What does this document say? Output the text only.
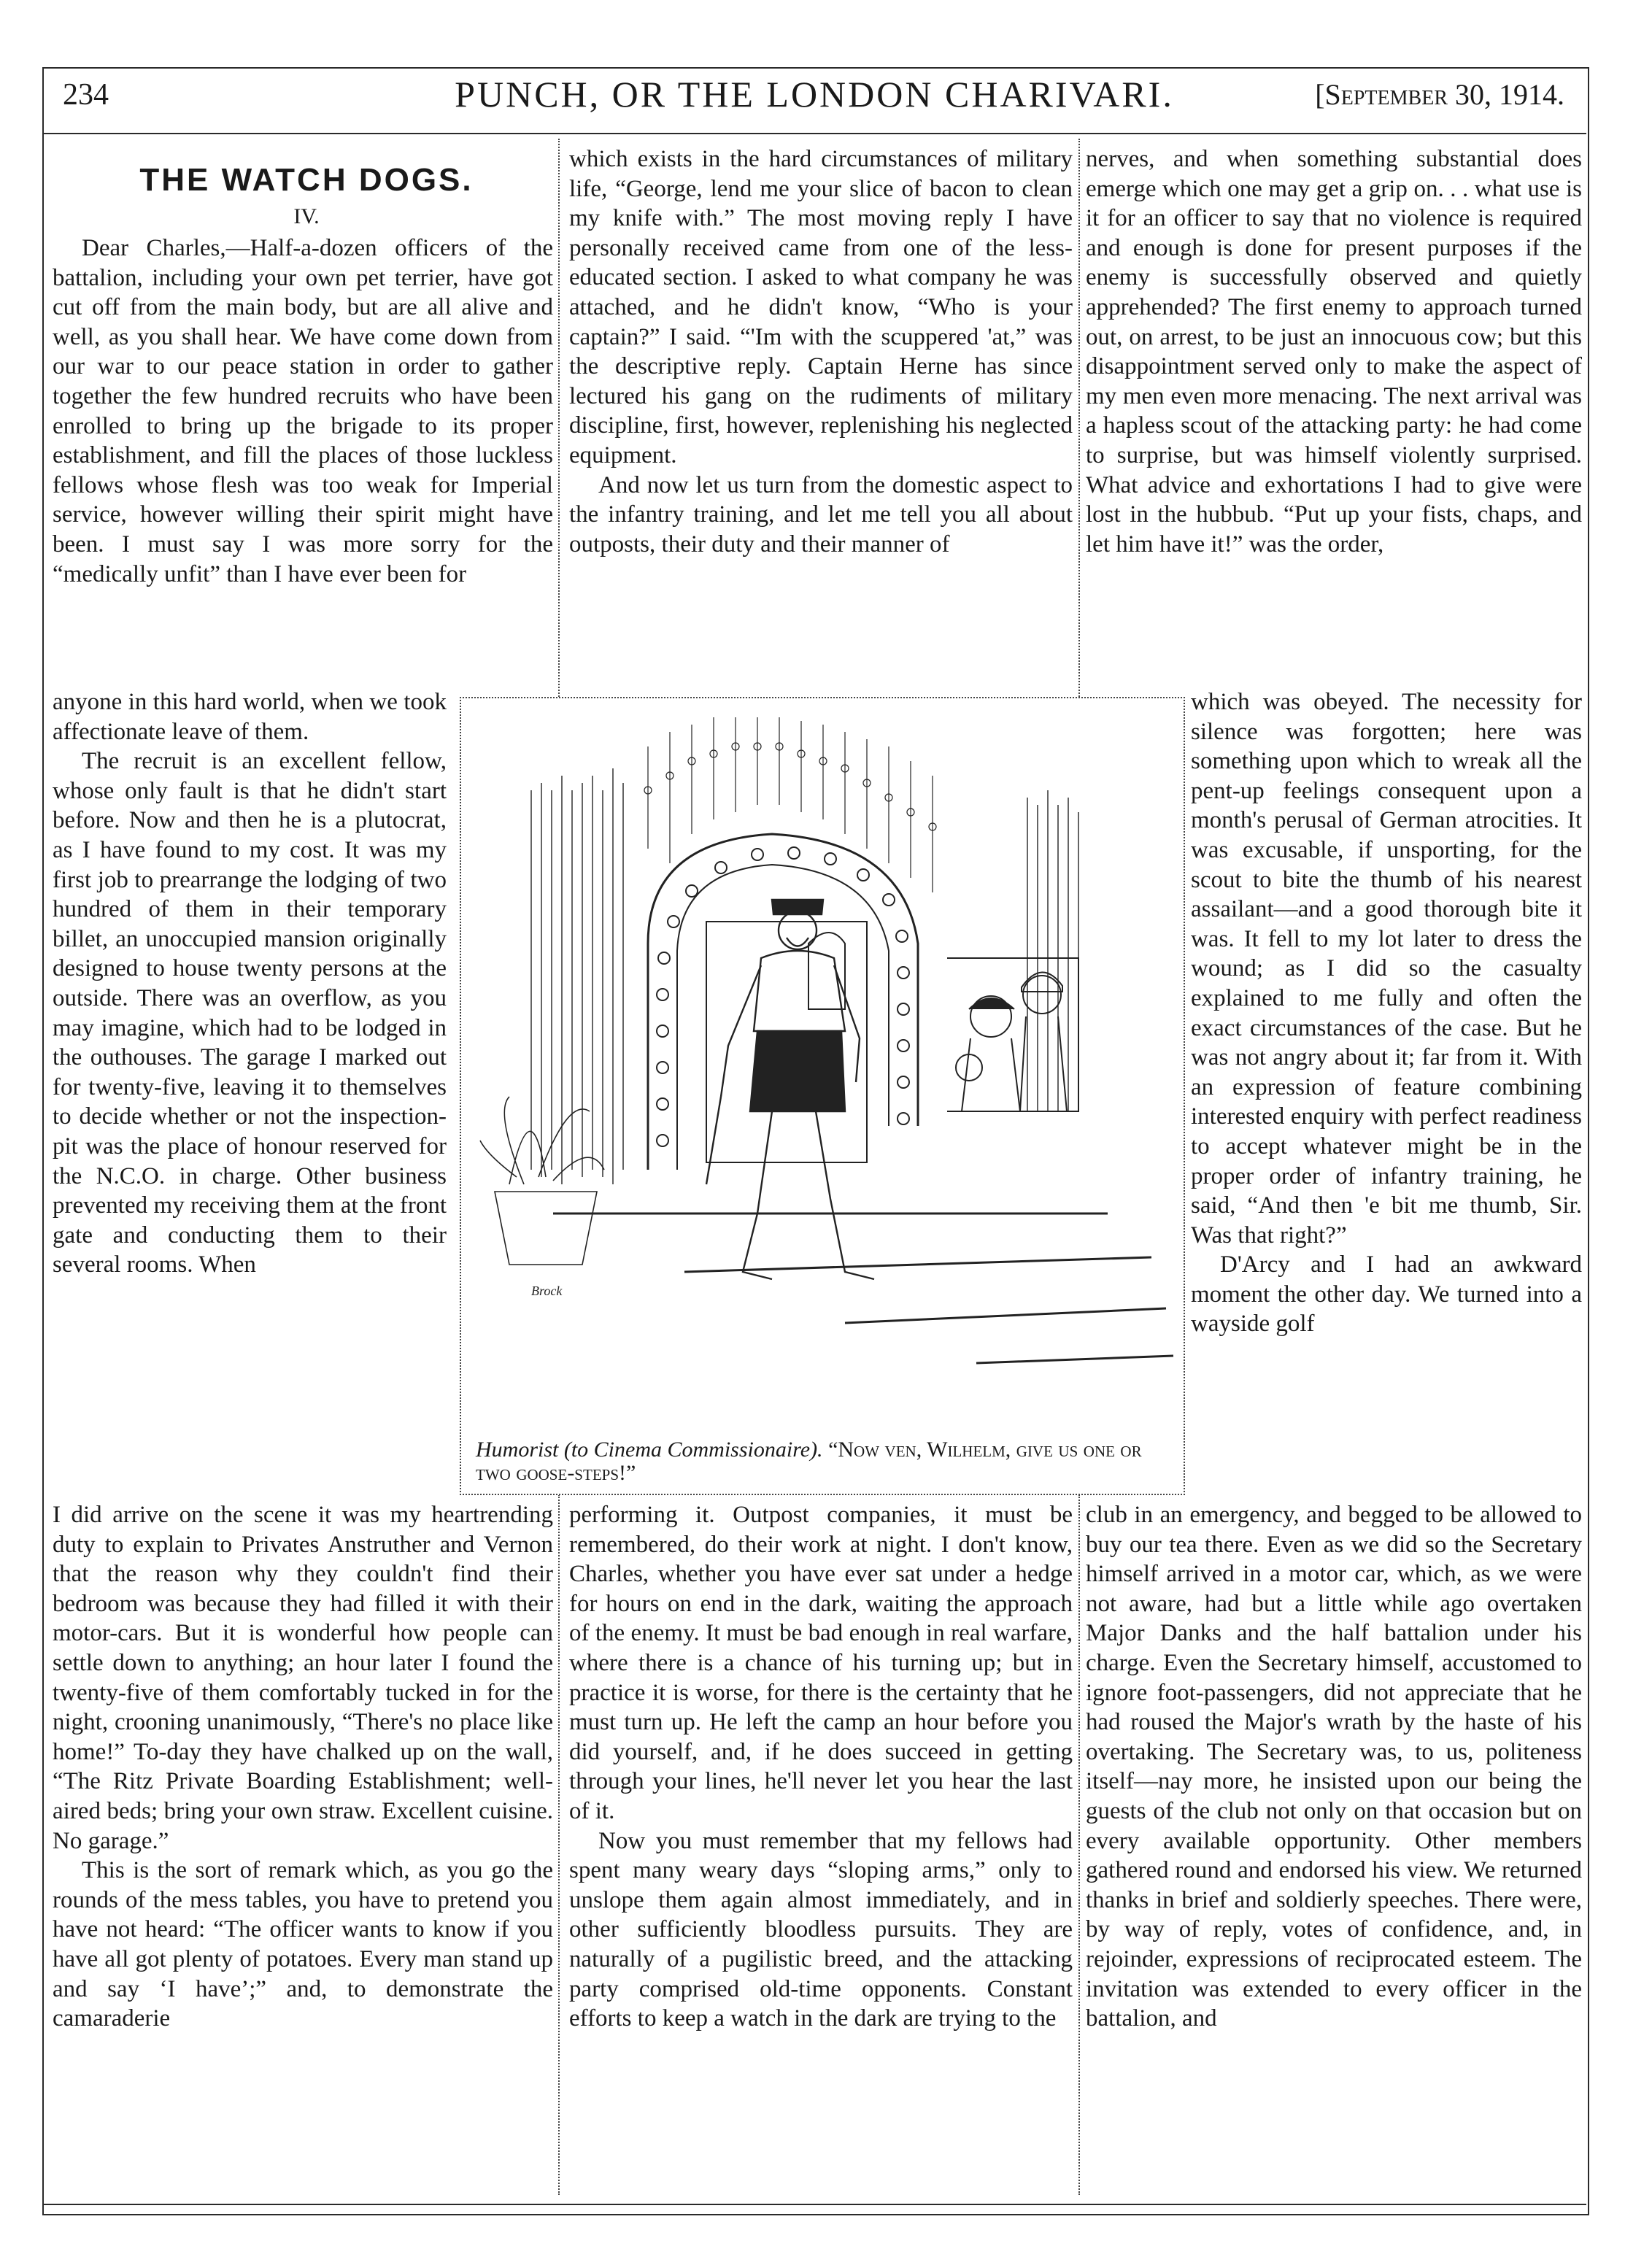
234	PUNCH, OR THE LONDON CHARIVARI.	[September 30, 1914.
THE WATCH DOGS.
IV.

Dear Charles,—Half-a-dozen officers of the battalion, including your own pet terrier, have got cut off from the main body, but are all alive and well, as you shall hear. We have come down from our war to our peace station in order to gather together the few hundred recruits who have been enrolled to bring up the brigade to its proper establishment, and fill the places of those luckless fellows whose flesh was too weak for Imperial service, however willing their spirit might have been. I must say I was more sorry for the “medically unfit” than I have ever been for

anyone in this hard world, when we took affectionate leave of them.

The recruit is an excellent fellow, whose only fault is that he didn't start before. Now and then he is a plutocrat, as I have found to my cost. It was my first job to prearrange the lodging of two hundred of them in their temporary billet, an unoccupied mansion originally designed to house twenty persons at the outside. There was an overflow, as you may imagine, which had to be lodged in the outhouses. The garage I marked out for twenty-five, leaving it to themselves to decide whether or not the inspection-pit was the place of honour reserved for the N.C.O. in charge. Other business prevented my receiving them at the front gate and conducting them to their several rooms. When

I did arrive on the scene it was my heartrending duty to explain to Privates Anstruther and Vernon that the reason why they couldn't find their bedroom was because they had filled it with their motor-cars. But it is wonderful how people can settle down to anything; an hour later I found the twenty-five of them comfortably tucked in for the night, crooning unanimously, “There's no place like home!” To-day they have chalked up on the wall, “The Ritz Private Boarding Establishment; well-aired beds; bring your own straw. Excellent cuisine. No garage.”

This is the sort of remark which, as you go the rounds of the mess tables, you have to pretend you have not heard: “The officer wants to know if you have all got plenty of potatoes. Every man stand up and say ‘I have’;” and, to demonstrate the camaraderie

which exists in the hard circumstances of military life, “George, lend me your slice of bacon to clean my knife with.” The most moving reply I have personally received came from one of the less-educated section. I asked to what company he was attached, and he didn't know, “Who is your captain?” I said. “'Im with the scuppered 'at,” was the descriptive reply. Captain Herne has since lectured his gang on the rudiments of military discipline, first, however, replenishing his neglected equipment.

And now let us turn from the domestic aspect to the infantry training, and let me tell you all about outposts, their duty and their manner of

performing it. Outpost companies, it must be remembered, do their work at night. I don't know, Charles, whether you have ever sat under a hedge for hours on end in the dark, waiting the approach of the enemy. It must be bad enough in real warfare, where there is a chance of his turning up; but in practice it is worse, for there is the certainty that he must turn up. He left the camp an hour before you did yourself, and, if he does succeed in getting through your lines, he'll never let you hear the last of it.

Now you must remember that my fellows had spent many weary days “sloping arms,” only to unslope them again almost immediately, and in other sufficiently bloodless pursuits. They are naturally of a pugilistic breed, and the attacking party comprised old-time opponents. Constant efforts to keep a watch in the dark are trying to the

nerves, and when something substantial does emerge which one may get a grip on. . . what use is it for an officer to say that no violence is required and enough is done for present purposes if the enemy is successfully observed and quietly apprehended? The first enemy to approach turned out, on arrest, to be just an innocuous cow; but this disappointment served only to make the aspect of my men even more menacing. The next arrival was a hapless scout of the attacking party: he had come to surprise, but was himself violently surprised. What advice and exhortations I had to give were lost in the hubbub. “Put up your fists, chaps, and let him have it!” was the order,

which was obeyed. The necessity for silence was forgotten; here was something upon which to wreak all the pent-up feelings consequent upon a month's perusal of German atrocities. It was excusable, if unsporting, for the scout to bite the thumb of his nearest assailant—and a good thorough bite it was. It fell to my lot later to dress the wound; as I did so the casualty explained to me fully and often the exact circumstances of the case. But he was not angry about it; far from it. With an expression of feature combining interested enquiry with perfect readiness to accept whatever might be in the proper order of infantry training, he said, “And then 'e bit me thumb, Sir. Was that right?”

D'Arcy and I had an awkward moment the other day. We turned into a wayside golf

club in an emergency, and begged to be allowed to buy our tea there. Even as we did so the Secretary himself arrived in a motor car, which, as we were not aware, had but a little while ago overtaken Major Danks and the half battalion under his charge. Even the Secretary himself, accustomed to ignore foot-passengers, did not appreciate that he had roused the Major's wrath by the haste of his overtaking. The Secretary was, to us, politeness itself—nay more, he insisted upon our being the guests of the club not only on that occasion but on every available opportunity. Other members gathered round and endorsed his view. We returned thanks in brief and soldierly speeches. There were, by way of reply, votes of confidence, and, in rejoinder, expressions of reciprocated esteem. The invitation was extended to every officer in the battalion, and

Brock
Humorist (to Cinema Commissionaire). “Now ven, Wilhelm, give us one or two goose-steps!”
